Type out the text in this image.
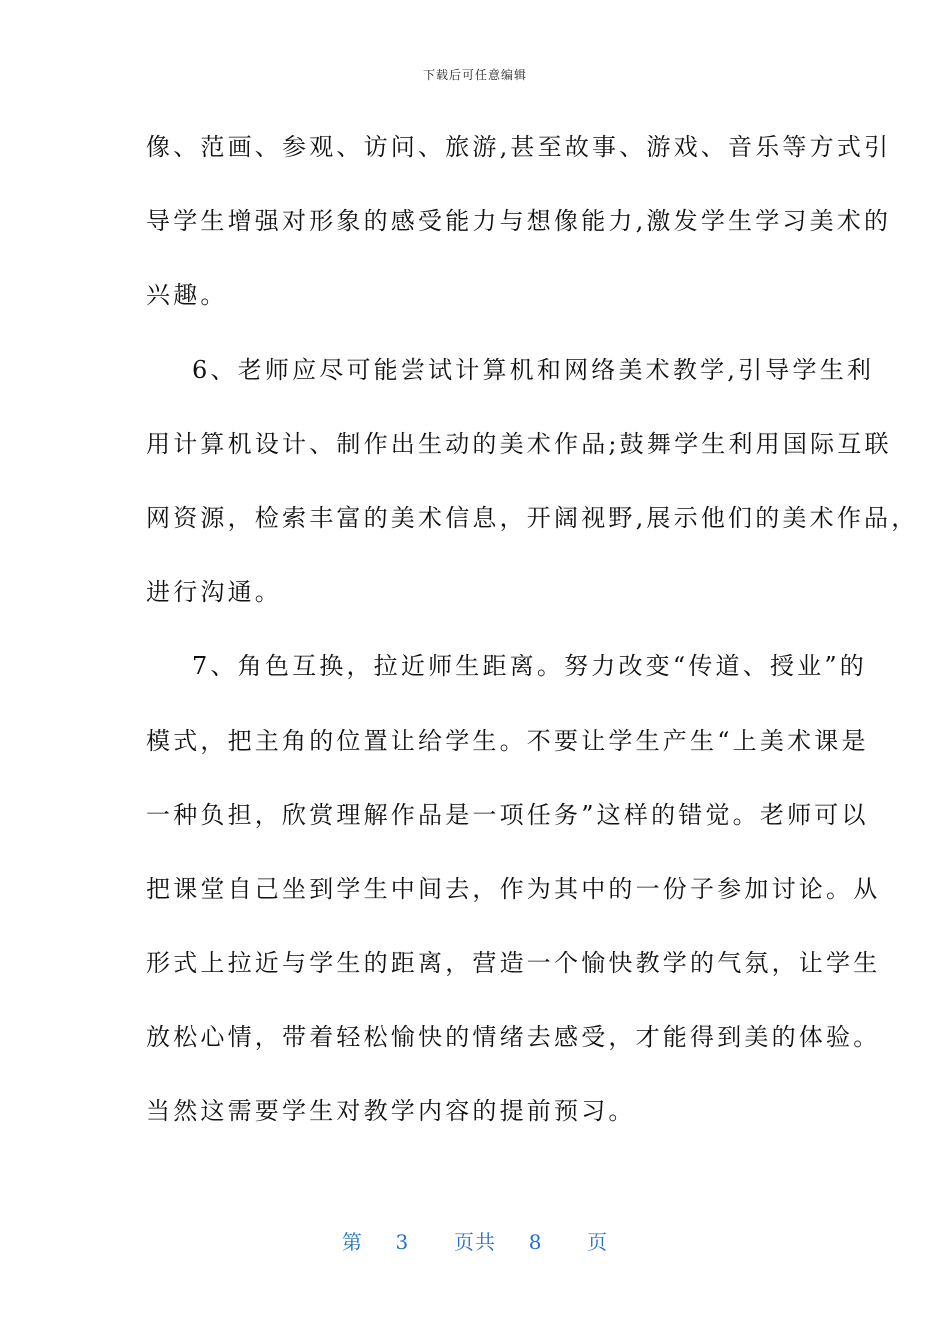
下载后可任意编辑
像、范画、参观、访问、旅游,甚至故事、游戏、音乐等方式引
导学生增强对形象的感受能力与想像能力,激发学生学习美术的
兴趣。
6、老师应尽可能尝试计算机和网络美术教学,引导学生利
用计算机设计、制作出生动的美术作品;鼓舞学生利用国际互联
网资源，检索丰富的美术信息，开阔视野,展示他们的美术作品，
进行沟通。
7、角色互换，拉近师生距离。努力改变“传道、授业”的
模式，把主角的位置让给学生。不要让学生产生“上美术课是
一种负担，欣赏理解作品是一项任务”这样的错觉。老师可以
把课堂自己坐到学生中间去，作为其中的一份子参加讨论。从
形式上拉近与学生的距离，营造一个愉快教学的气氛，让学生
放松心情，带着轻松愉快的情绪去感受，才能得到美的体验。
当然这需要学生对教学内容的提前预习。
第 3 页共 8 页
